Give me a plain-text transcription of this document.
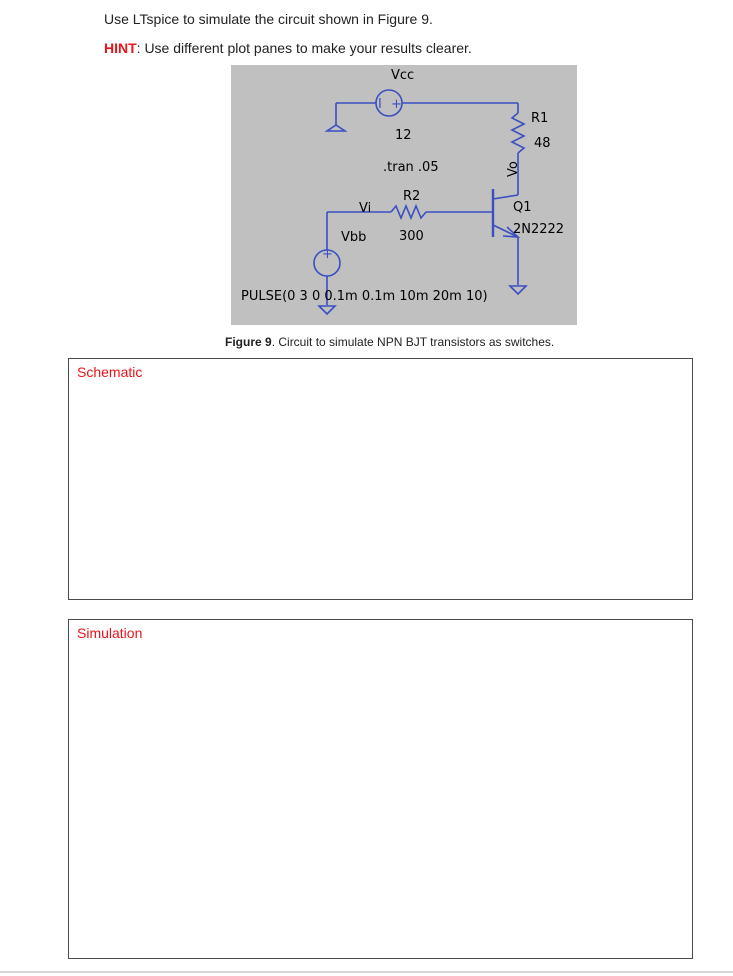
Use LTspice to simulate the circuit shown in Figure 9.
HINT: Use different plot panes to make your results clearer.
I +
+
Vcc
12
.tran .05
R1
48
Vo
R2
300
Vi
Vbb
Q1
2N2222
PULSE(0 3 0 0.1m 0.1m 10m 20m 10)
Figure 9. Circuit to simulate NPN BJT transistors as switches.
Schematic
Simulation
